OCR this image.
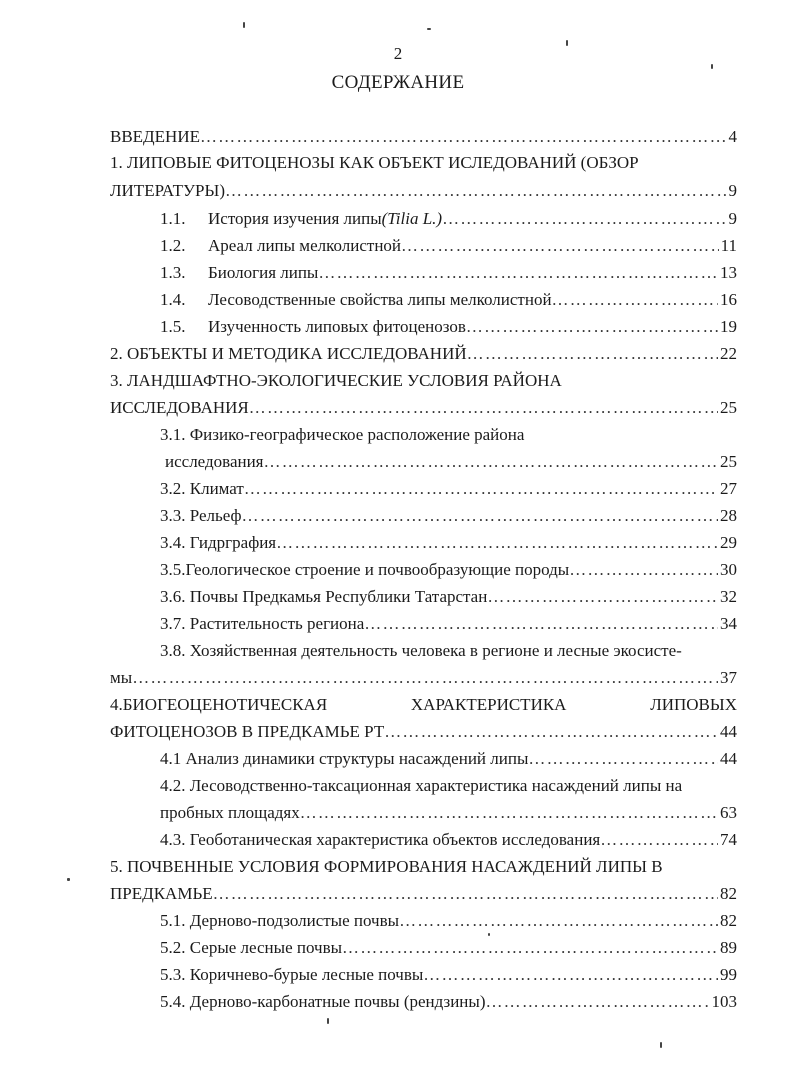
2
СОДЕРЖАНИЕ
ВВЕДЕНИЕ ……………………………………………………………………………………………………………………………………………………………………………………	4
1. ЛИПОВЫЕ ФИТОЦЕНОЗЫ КАК ОБЪЕКТ ИСЛЕДОВАНИЙ (ОБЗОР
ЛИТЕРАТУРЫ) ……………………………………………………………………………………………………………………………………………………………………………………	9
1.1.	История изучения липы (Tilia L.) ……………………………………………………………………………………………………………………………………………………………………………………	9
1.2.	Ареал липы мелколистной ……………………………………………………………………………………………………………………………………………………………………………………	11
1.3.	Биология липы ……………………………………………………………………………………………………………………………………………………………………………………	13
1.4.	Лесоводственные свойства липы мелколистной ……………………………………………………………………………………………………………………………………………………………………………………	16
1.5.	Изученность липовых фитоценозов ……………………………………………………………………………………………………………………………………………………………………………………	19
2. ОБЪЕКТЫ И МЕТОДИКА ИССЛЕДОВАНИЙ ……………………………………………………………………………………………………………………………………………………………………………………	22
3. ЛАНДШАФТНО-ЭКОЛОГИЧЕСКИЕ УСЛОВИЯ РАЙОНА
ИССЛЕДОВАНИЯ ……………………………………………………………………………………………………………………………………………………………………………………	25
3.1. Физико-географическое расположение района
исследования ……………………………………………………………………………………………………………………………………………………………………………………	25
3.2. Климат ……………………………………………………………………………………………………………………………………………………………………………………	27
3.3. Рельеф ……………………………………………………………………………………………………………………………………………………………………………………	28
3.4. Гидрграфия ……………………………………………………………………………………………………………………………………………………………………………………	29
3.5.Геологическое строение и почвообразующие породы ……………………………………………………………………………………………………………………………………………………………………………………	30
3.6. Почвы Предкамья Республики Татарстан ……………………………………………………………………………………………………………………………………………………………………………………	32
3.7. Растительность региона ……………………………………………………………………………………………………………………………………………………………………………………	34
3.8. Хозяйственная деятельность человека в регионе и лесные экосисте-
мы ……………………………………………………………………………………………………………………………………………………………………………………	37
4.БИОГЕОЦЕНОТИЧЕСКАЯ	ХАРАКТЕРИСТИКА	ЛИПОВЫХ
ФИТОЦЕНОЗОВ В ПРЕДКАМЬЕ РТ ……………………………………………………………………………………………………………………………………………………………………………………	44
4.1 Анализ динамики структуры насаждений липы ……………………………………………………………………………………………………………………………………………………………………………………	44
4.2. Лесоводственно-таксационная характеристика насаждений липы на
пробных площадях ……………………………………………………………………………………………………………………………………………………………………………………	63
4.3. Геоботаническая характеристика объектов исследования ……………………………………………………………………………………………………………………………………………………………………………………	74
5. ПОЧВЕННЫЕ УСЛОВИЯ ФОРМИРОВАНИЯ НАСАЖДЕНИЙ ЛИПЫ В
ПРЕДКАМЬЕ ……………………………………………………………………………………………………………………………………………………………………………………	82
5.1. Дерново-подзолистые почвы ……………………………………………………………………………………………………………………………………………………………………………………	82
5.2. Серые лесные почвы ……………………………………………………………………………………………………………………………………………………………………………………	89
5.3. Коричнево-бурые лесные почвы ……………………………………………………………………………………………………………………………………………………………………………………	99
5.4. Дерново-карбонатные почвы (рендзины) ……………………………………………………………………………………………………………………………………………………………………………………	103
